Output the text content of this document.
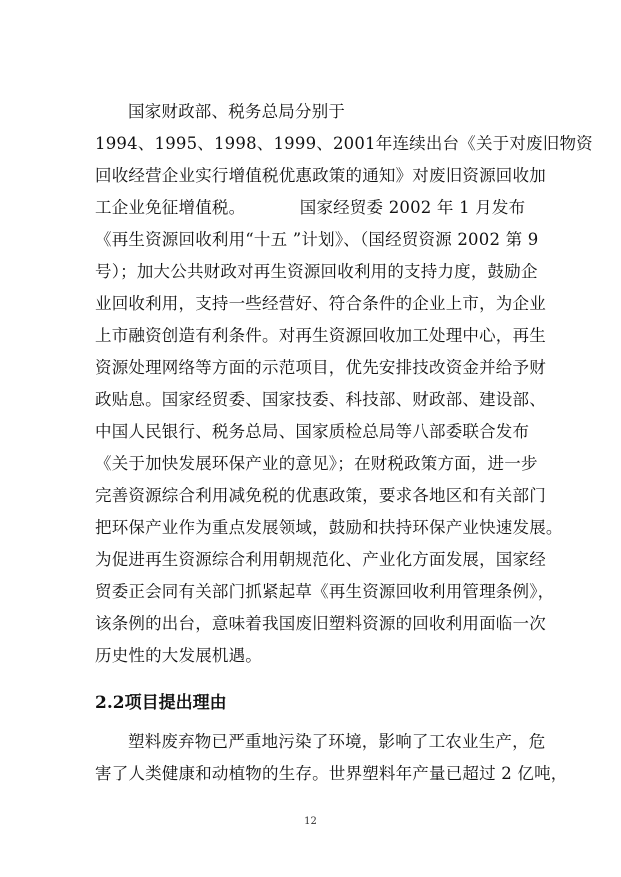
国家财政部、税务总局分别于
1994、1995、1998、1999、2001年连续出台《关于对废旧物资
回收经营企业实行增值税优惠政策的通知》对废旧资源回收加
工企业免征增值税。          国家经贸委 2002 年 1 月发布
《再生资源回收利用“十五 ”计划》、（国经贸资源 2002 第 9
号）；加大公共财政对再生资源回收利用的支持力度，鼓励企
业回收利用，支持一些经营好、符合条件的企业上市，为企业
上市融资创造有利条件。对再生资源回收加工处理中心，再生
资源处理网络等方面的示范项目，优先安排技改资金并给予财
政贴息。国家经贸委、国家技委、科技部、财政部、建设部、
中国人民银行、税务总局、国家质检总局等八部委联合发布
《关于加快发展环保产业的意见》；在财税政策方面，进一步
完善资源综合利用减免税的优惠政策，要求各地区和有关部门
把环保产业作为重点发展领域，鼓励和扶持环保产业快速发展。
为促进再生资源综合利用朝规范化、产业化方面发展，国家经
贸委正会同有关部门抓紧起草《再生资源回收利用管理条例》，
该条例的出台，意味着我国废旧塑料资源的回收利用面临一次
历史性的大发展机遇。
2.2项目提出理由
塑料废弃物已严重地污染了环境，影响了工农业生产，危
害了人类健康和动植物的生存。世界塑料年产量已超过 2 亿吨，
12
